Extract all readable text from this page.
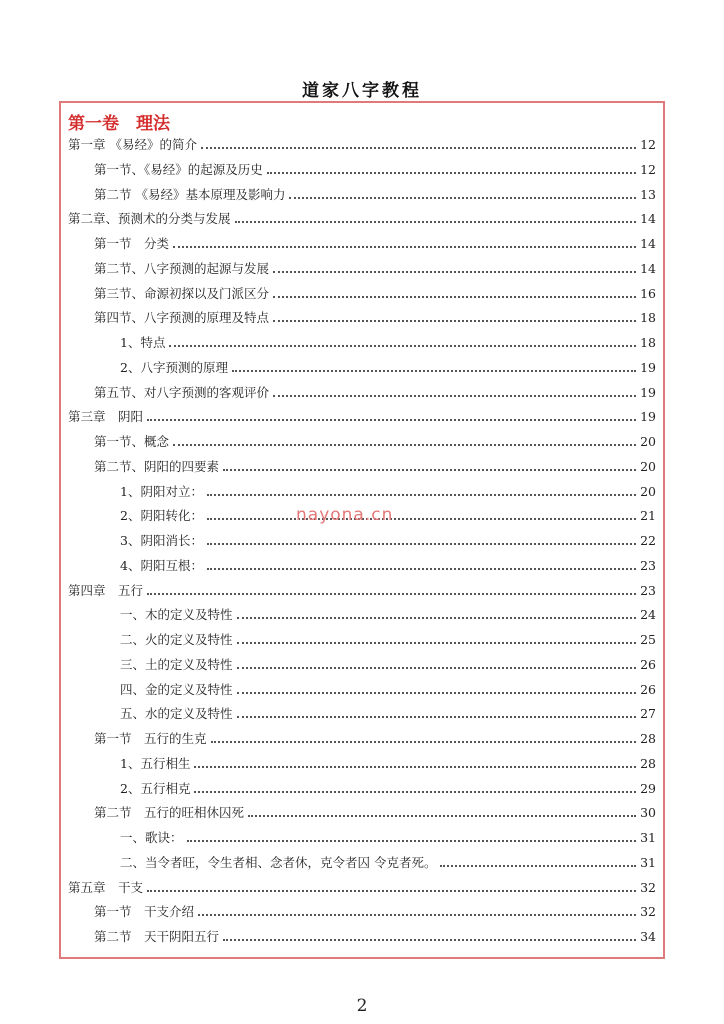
道家八字教程
第一卷　理法
第一章 《易经》的简介	12
第一节、《易经》的起源及历史	12
第二节 《易经》基本原理及影响力	13
第二章、预测术的分类与发展	14
第一节　分类	14
第二节、八字预测的起源与发展	14
第三节、命源初探以及门派区分	16
第四节、八字预测的原理及特点	18
1、特点	18
2、八字预测的原理	19
第五节、对八字预测的客观评价	19
第三章　阴阳	19
第一节、概念	20
第二节、阴阳的四要素	20
1、阴阳对立：	20
2、阴阳转化：	21
3、阴阳消长：	22
4、阴阳互根：	23
第四章　五行	23
一、木的定义及特性	24
二、火的定义及特性	25
三、土的定义及特性	26
四、金的定义及特性	26
五、水的定义及特性	27
第一节　五行的生克	28
1、五行相生	28
2、五行相克	29
第二节　五行的旺相休囚死	30
一、歌诀：	31
二、当令者旺，令生者相、念者休，克令者囚 令克者死。	31
第五章　干支	32
第一节　干支介绍	32
第二节　天干阴阳五行	34
nayona.cn
2
